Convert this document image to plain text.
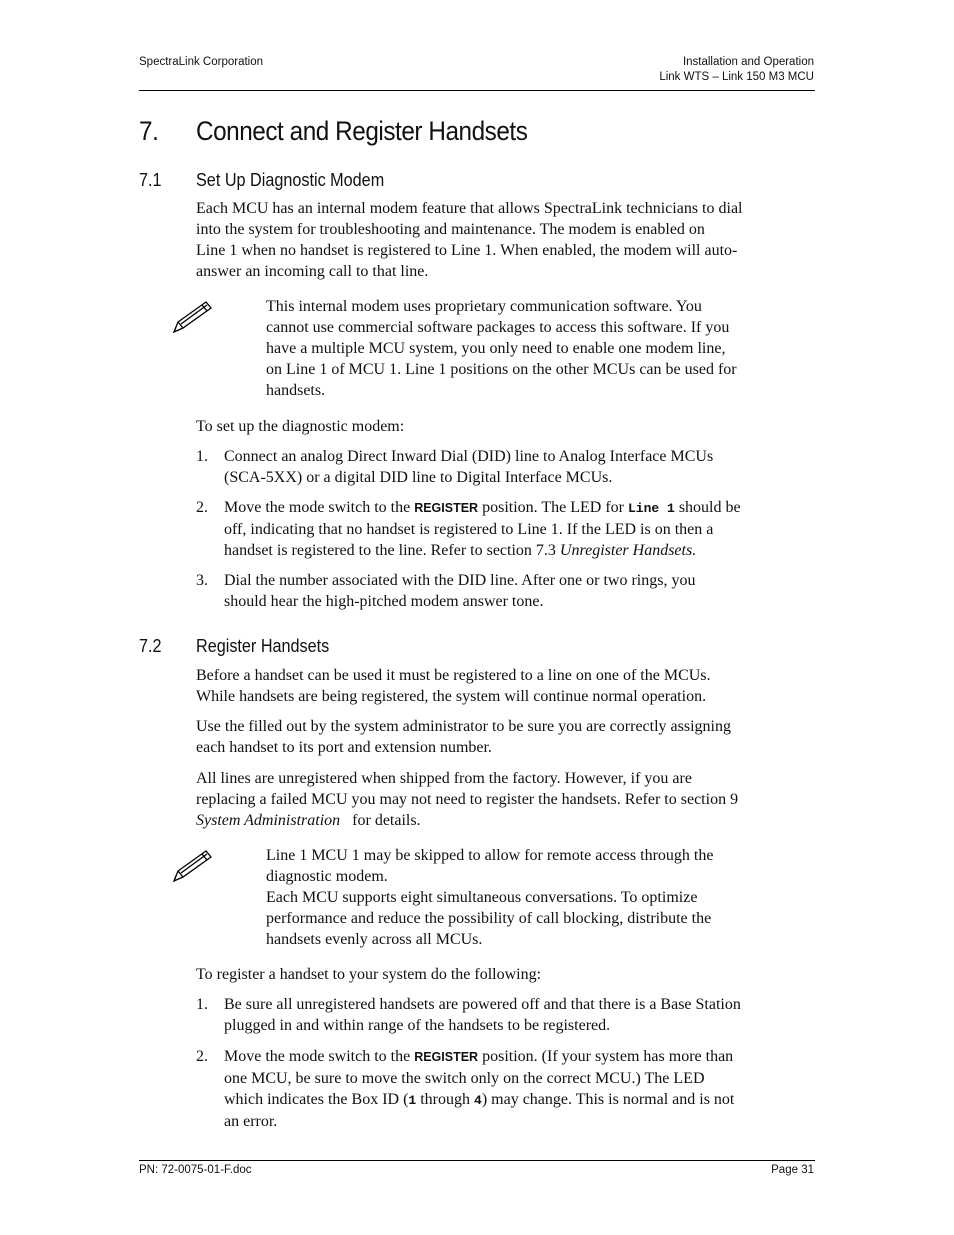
SpectraLink Corporation	Installation and Operation
Link WTS – Link 150 M3 MCU
7. Connect and Register Handsets
7.1 Set Up Diagnostic Modem
Each MCU has an internal modem feature that allows SpectraLink technicians to dial
into the system for troubleshooting and maintenance. The modem is enabled on
Line 1 when no handset is registered to Line 1. When enabled, the modem will auto-
answer an incoming call to that line.
This internal modem uses proprietary communication software. You
cannot use commercial software packages to access this software. If you
have a multiple MCU system, you only need to enable one modem line,
on Line 1 of MCU 1. Line 1 positions on the other MCUs can be used for
handsets.
To set up the diagnostic modem:
1. Connect an analog Direct Inward Dial (DID) line to Analog Interface MCUs
(SCA-5XX) or a digital DID line to Digital Interface MCUs.
2. Move the mode switch to the REGISTER position. The LED for Line 1 should be
off, indicating that no handset is registered to Line 1. If the LED is on then a
handset is registered to the line. Refer to section 7.3 Unregister Handsets.
3. Dial the number associated with the DID line. After one or two rings, you
should hear the high-pitched modem answer tone.
7.2 Register Handsets
Before a handset can be used it must be registered to a line on one of the MCUs.
While handsets are being registered, the system will continue normal operation.
Use the filled out by the system administrator to be sure you are correctly assigning
each handset to its port and extension number.
All lines are unregistered when shipped from the factory. However, if you are
replacing a failed MCU you may not need to register the handsets. Refer to section 9
System Administration   for details.
Line 1 MCU 1 may be skipped to allow for remote access through the
diagnostic modem.
Each MCU supports eight simultaneous conversations. To optimize
performance and reduce the possibility of call blocking, distribute the
handsets evenly across all MCUs.
To register a handset to your system do the following:
1. Be sure all unregistered handsets are powered off and that there is a Base Station
plugged in and within range of the handsets to be registered.
2. Move the mode switch to the REGISTER position. (If your system has more than
one MCU, be sure to move the switch only on the correct MCU.) The LED
which indicates the Box ID (1 through 4) may change. This is normal and is not
an error.
PN: 72-0075-01-F.doc	Page 31
